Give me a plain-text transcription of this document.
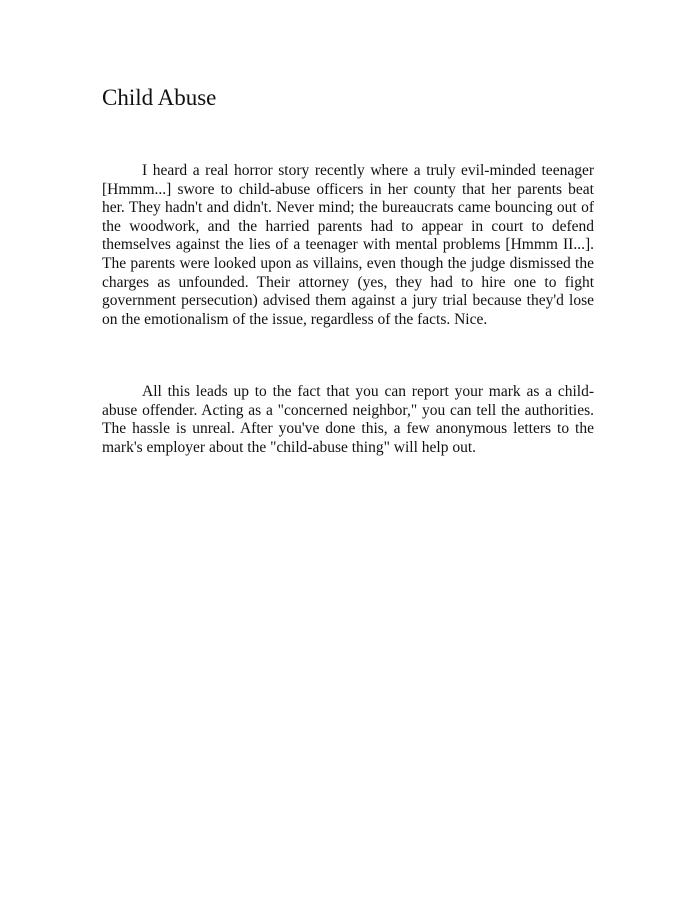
Child Abuse

I heard a real horror story recently where a truly evil-minded teenager [Hmmm...] swore to child-abuse officers in her county that her parents beat her. They hadn't and didn't. Never mind; the bureaucrats came bouncing out of the woodwork, and the harried parents had to appear in court to defend themselves against the lies of a teenager with mental problems [Hmmm II...]. The parents were looked upon as villains, even though the judge dismissed the charges as unfounded. Their attorney (yes, they had to hire one to fight government persecution) advised them against a jury trial because they'd lose on the emotionalism of the issue, regardless of the facts. Nice.

All this leads up to the fact that you can report your mark as a child-abuse offender. Acting as a "concerned neighbor," you can tell the authorities. The hassle is unreal. After you've done this, a few anonymous letters to the mark's employer about the "child-abuse thing" will help out.
